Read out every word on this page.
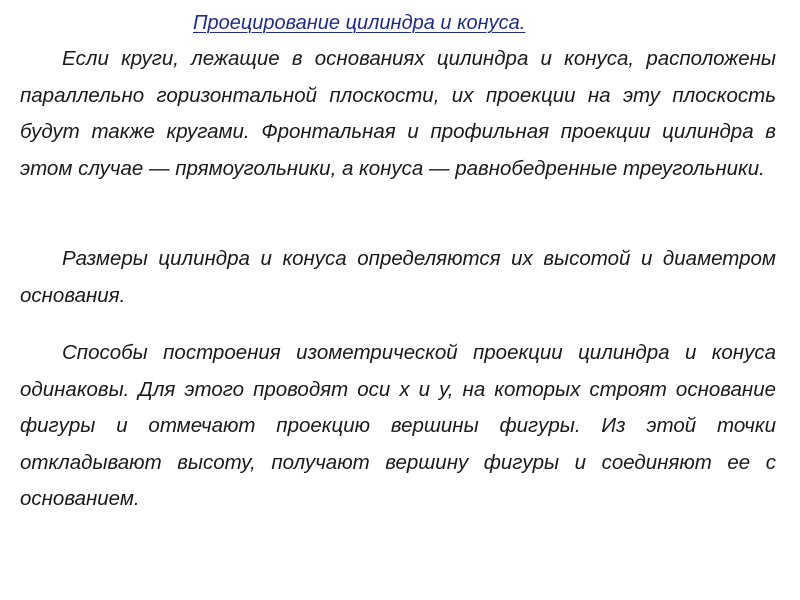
Проецирование цилиндра и конуса.

Если круги, лежащие в основаниях цилиндра и конуса, расположены параллельно горизонтальной плоскости, их проекции на эту плоскость будут также кругами. Фронтальная и профильная проекции цилиндра в этом случае — прямоугольники, а конуса — равнобедренные треугольники.

Размеры цилиндра и конуса определяются их высотой и диаметром основания.

Способы построения изометрической проекции цилиндра и конуса одинаковы. Для этого проводят оси x и y, на которых строят основание фигуры и отмечают проекцию вершины фигуры. Из этой точки откладывают высоту, получают вершину фигуры и соединяют ее с основанием.
